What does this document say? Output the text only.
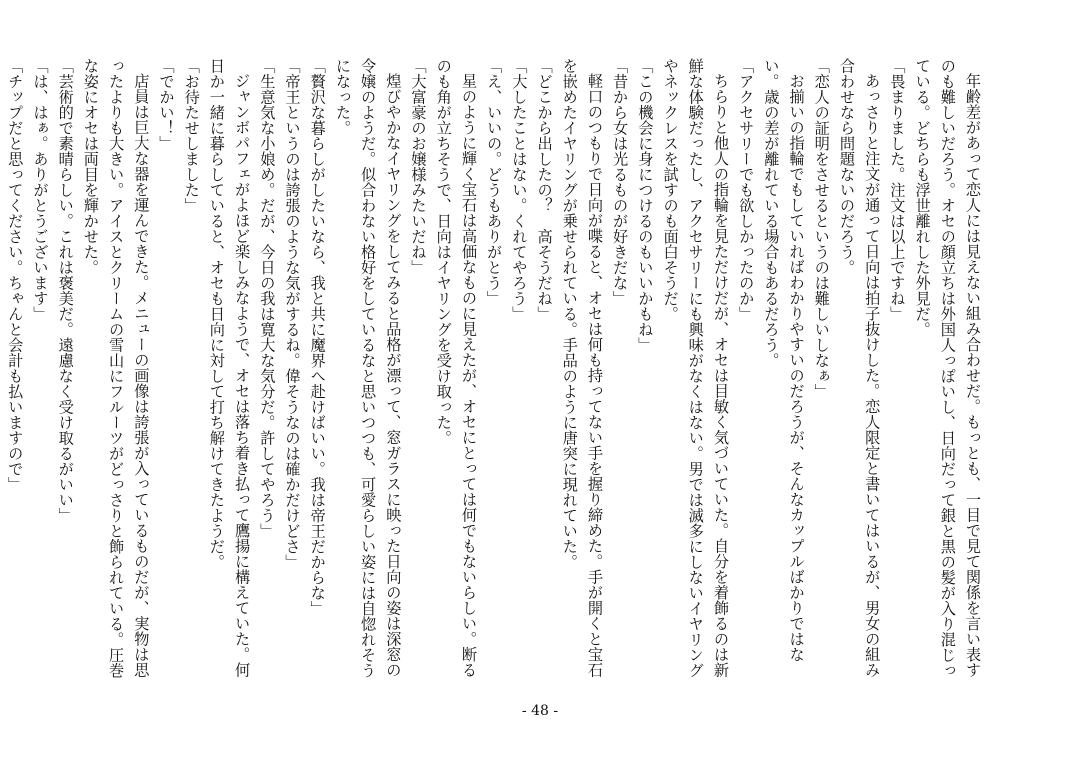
年齢差があって恋人には見えない組み合わせだ。もっとも、一目で見て関係を言い表すのも難しいだろう。オセの顔立ちは外国人っぽいし、日向だって銀と黒の髪が入り混じっている。どちらも浮世離れした外見だ。

「畏まりました。注文は以上ですね」

あっさりと注文が通って日向は拍子抜けした。恋人限定と書いてはいるが、男女の組み合わせなら問題ないのだろう。

「恋人の証明をさせるというのは難しいしなぁ」

お揃いの指輪でもしていればわかりやすいのだろうが、そんなカップルばかりではない。歳の差が離れている場合もあるだろう。

「アクセサリーでも欲しかったのか」

ちらりと他人の指輪を見ただけだが、オセは目敏く気づいていた。自分を着飾るのは新鮮な体験だったし、アクセサリーにも興味がなくはない。男では滅多にしないイヤリングやネックレスを試すのも面白そうだ。

「この機会に身につけるのもいいかもね」

「昔から女は光るものが好きだな」

軽口のつもりで日向が喋ると、オセは何も持ってない手を握り締めた。手が開くと宝石を嵌めたイヤリングが乗せられている。手品のように唐突に現れていた。

「どこから出したの？　高そうだね」

「大したことはない。くれてやろう」

「え、いいの。どうもありがとう」

星のように輝く宝石は高価なものに見えたが、オセにとっては何でもないらしい。断るのも角が立ちそうで、日向はイヤリングを受け取った。

「大富豪のお嬢様みたいだね」

煌びやかなイヤリングをしてみると品格が漂って、窓ガラスに映った日向の姿は深窓の令嬢のようだ。似合わない格好をしているなと思いつつも、可愛らしい姿には自惚れそうになった。

「贅沢な暮らしがしたいなら、我と共に魔界へ赴けばいい。我は帝王だからな」

「帝王というのは誇張のような気がするね。偉そうなのは確かだけどさ」

「生意気な小娘め。だが、今日の我は寛大な気分だ。許してやろう」

ジャンボパフェがよほど楽しみなようで、オセは落ち着き払って鷹揚に構えていた。何日か一緒に暮らしていると、オセも日向に対して打ち解けてきたようだ。

「お待たせしました」

「でかい！」

店員は巨大な器を運んできた。メニューの画像は誇張が入っているものだが、実物は思ったよりも大きい。アイスとクリームの雪山にフルーツがどっさりと飾られている。圧巻な姿にオセは両目を輝かせた。

「芸術的で素晴らしい。これは褒美だ。遠慮なく受け取るがいい」

「は、はぁ。ありがとうございます」

「チップだと思ってください。ちゃんと会計も払いますので」

- 48 -
